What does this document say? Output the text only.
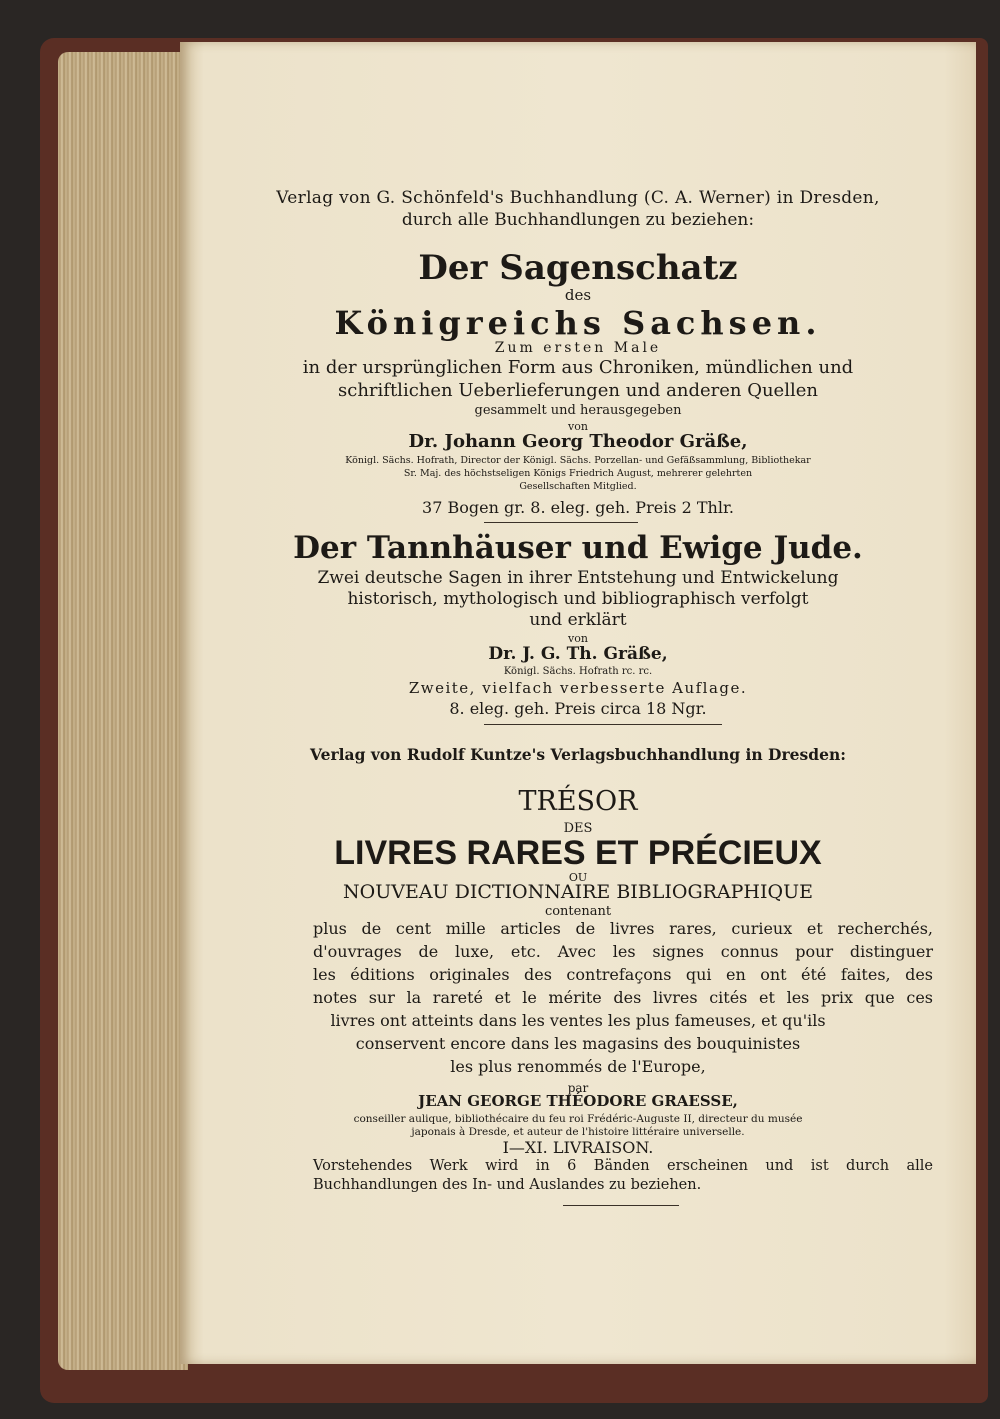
Verlag von G. Schönfeld's Buchhandlung (C. A. Werner) in Dresden,
durch alle Buchhandlungen zu beziehen:
Der Sagenschatz
des
Königreichs Sachsen.
Zum ersten Male
in der ursprünglichen Form aus Chroniken, mündlichen und
schriftlichen Ueberlieferungen und anderen Quellen
gesammelt und herausgegeben
von
Dr. Johann Georg Theodor Gräße,
Königl. Sächs. Hofrath, Director der Königl. Sächs. Porzellan- und Gefäßsammlung, Bibliothekar
Sr. Maj. des höchstseligen Königs Friedrich August, mehrerer gelehrten
Gesellschaften Mitglied.
37 Bogen gr. 8. eleg. geh. Preis 2 Thlr.
Der Tannhäuser und Ewige Jude.
Zwei deutsche Sagen in ihrer Entstehung und Entwickelung
historisch, mythologisch und bibliographisch verfolgt
und erklärt
von
Dr. J. G. Th. Gräße,
Königl. Sächs. Hofrath rc. rc.
Zweite, vielfach verbesserte Auflage.
8. eleg. geh. Preis circa 18 Ngr.
Verlag von Rudolf Kuntze's Verlagsbuchhandlung in Dresden:
TRÉSOR
DES
LIVRES RARES ET PRÉCIEUX
OU
NOUVEAU DICTIONNAIRE BIBLIOGRAPHIQUE
contenant
plus de cent mille articles de livres rares, curieux et recherchés,
d'ouvrages de luxe, etc. Avec les signes connus pour distinguer
les éditions originales des contrefaçons qui en ont été faites, des
notes sur la rareté et le mérite des livres cités et les prix que ces
livres ont atteints dans les ventes les plus fameuses, et qu'ils
conservent encore dans les magasins des bouquinistes
les plus renommés de l'Europe,
par
JEAN GEORGE THÉODORE GRAESSE,
conseiller aulique, bibliothécaire du feu roi Frédéric-Auguste II, directeur du musée
japonais à Dresde, et auteur de l'histoire littéraire universelle.
I—XI. LIVRAISON.
Vorstehendes Werk wird in 6 Bänden erscheinen und ist durch alle
Buchhandlungen des In- und Auslandes zu beziehen.
